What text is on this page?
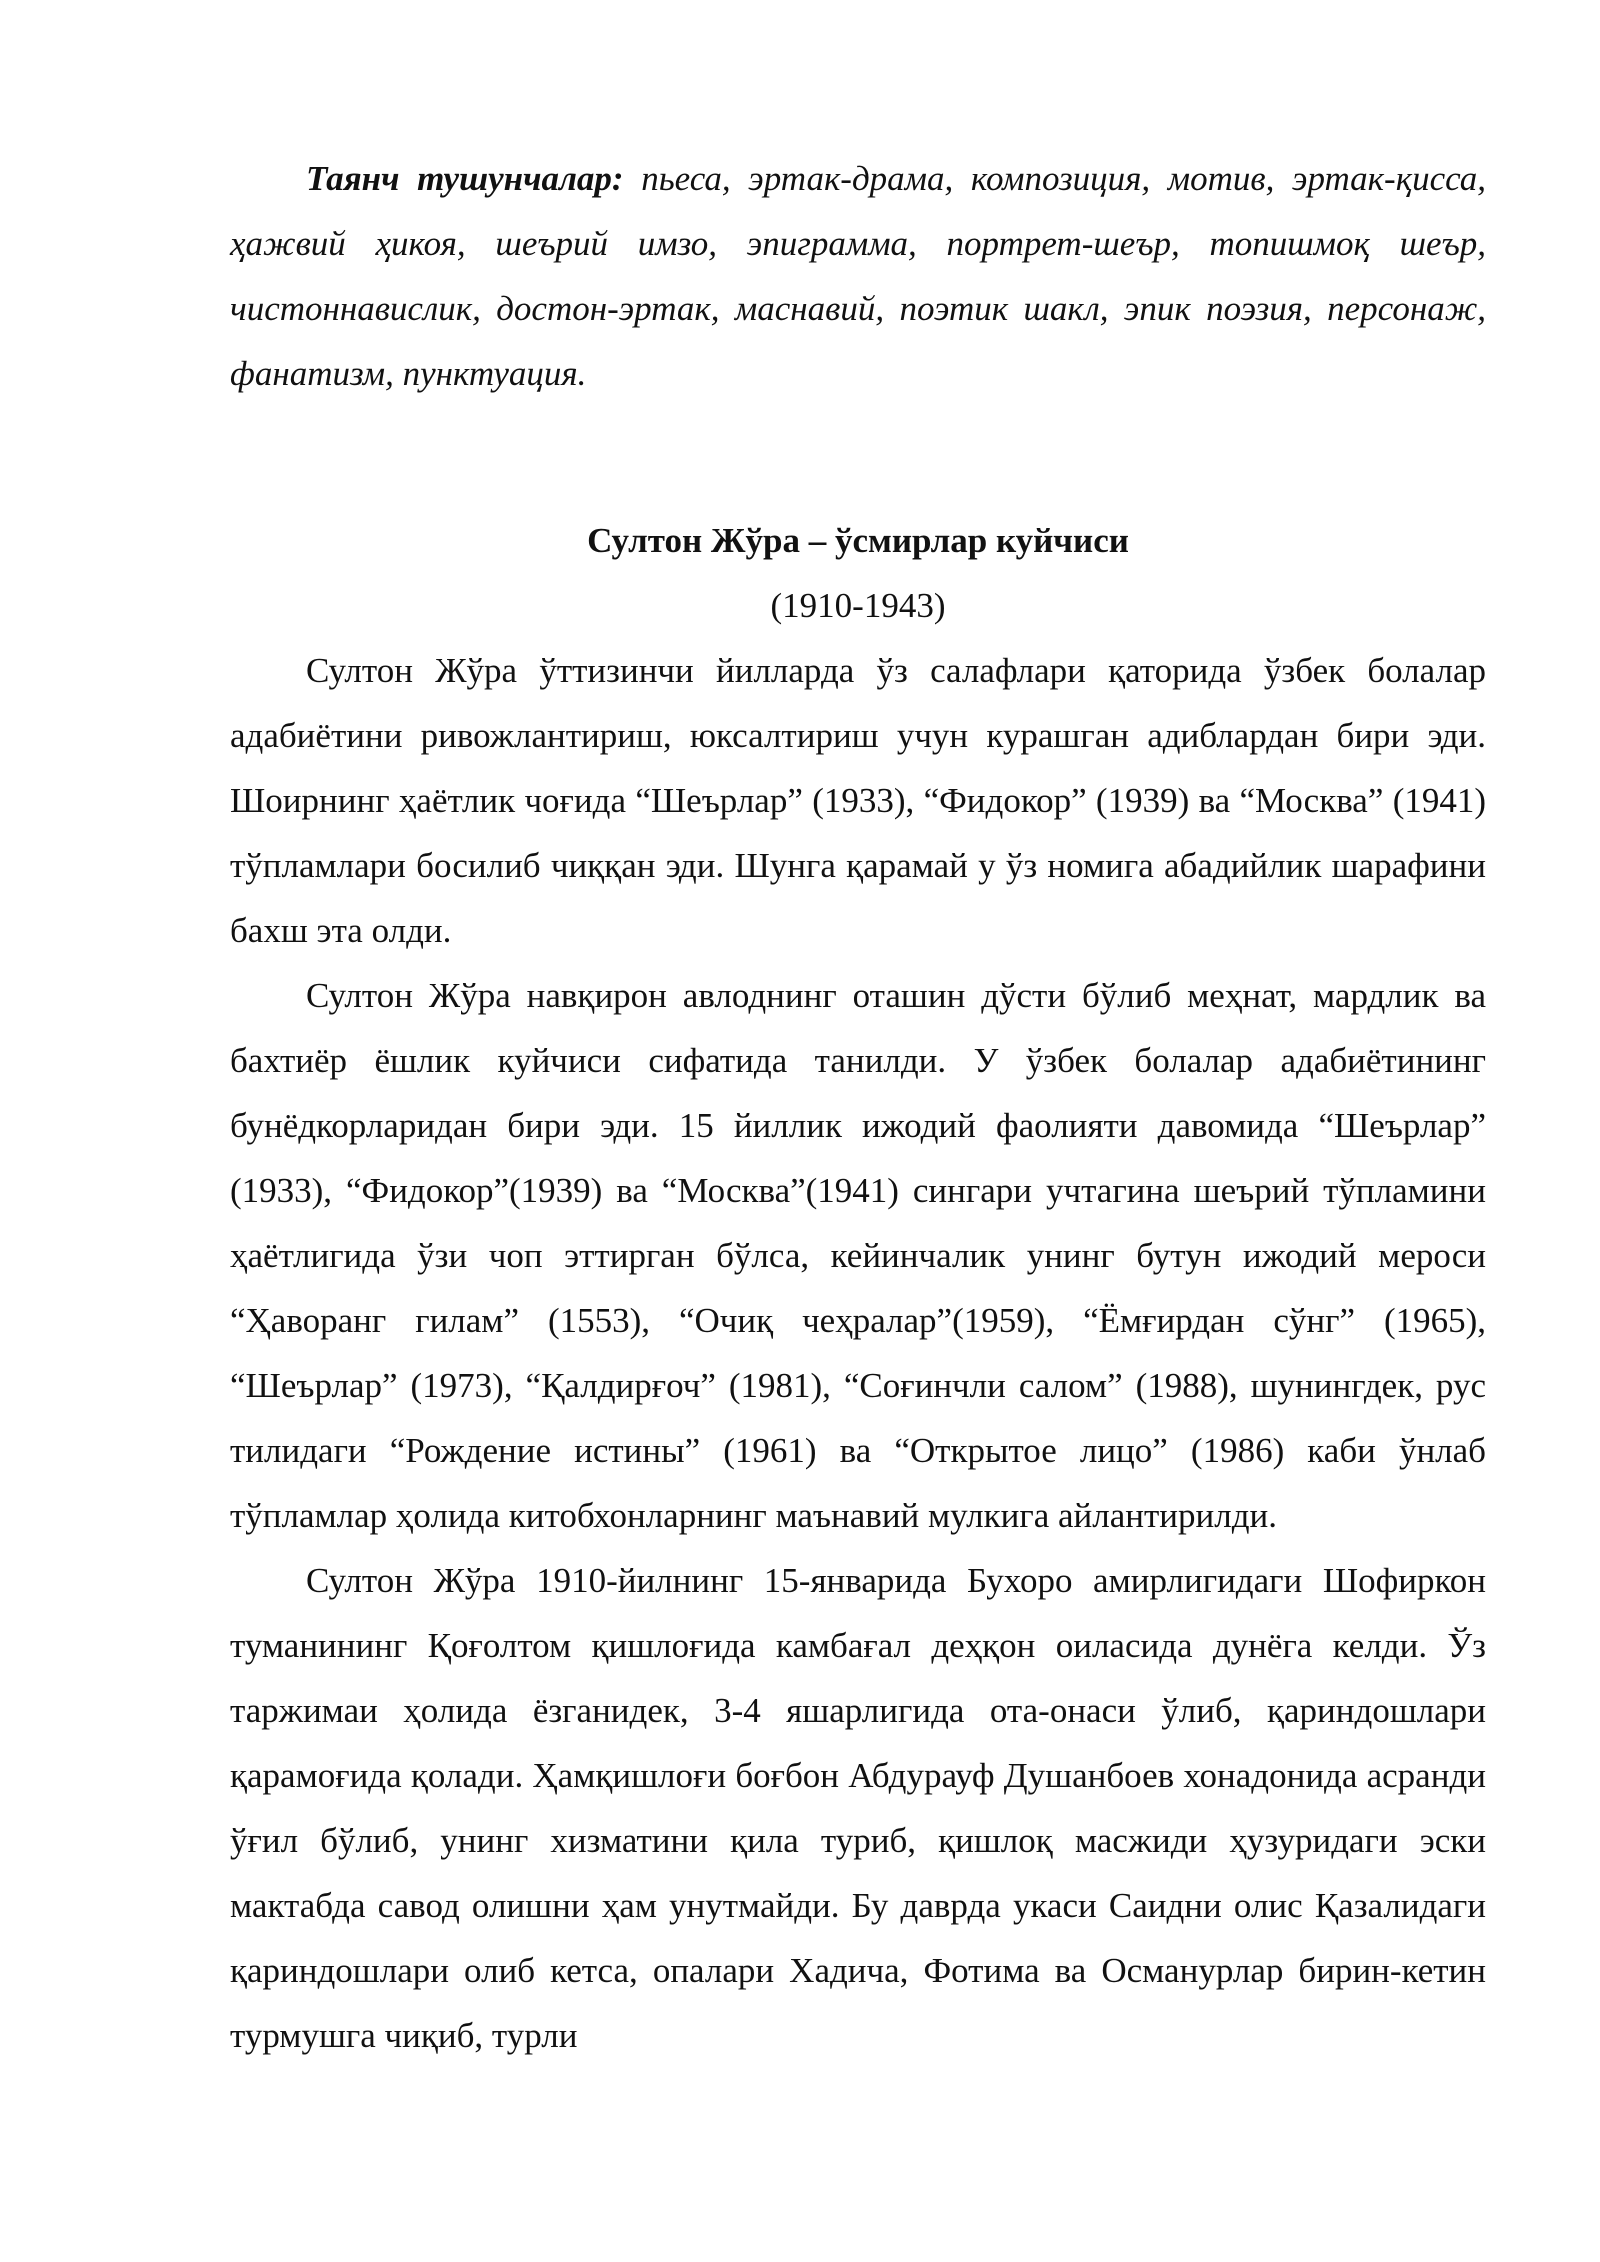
Таянч тушунчалар: пьеса, эртак-драма, композиция, мотив, эртак-қисса, ҳажвий ҳикоя, шеърий имзо, эпиграмма, портрет-шеър, топишмоқ шеър, чистоннавислик, достон-эртак, маснавий, поэтик шакл, эпик поэзия, персонаж, фанатизм, пунктуация.

Султон Жўра – ўсмирлар куйчиси

(1910-1943)

Султон Жўра ўттизинчи йилларда ўз салафлари қаторида ўзбек болалар адабиётини ривожлантириш, юксалтириш учун курашган адиблардан бири эди. Шоирнинг ҳаётлик чоғида “Шеърлар” (1933), “Фидокор” (1939) ва “Москва” (1941) тўпламлари босилиб чиққан эди. Шунга қарамай у ўз номига абадийлик шарафини бахш эта олди.

Султон Жўра навқирон авлоднинг оташин дўсти бўлиб меҳнат, мардлик ва бахтиёр ёшлик куйчиси сифатида танилди. У ўзбек болалар адабиётининг бунёдкорларидан бири эди. 15 йиллик ижодий фаолияти давомида “Шеърлар” (1933), “Фидокор”(1939) ва “Москва”(1941) сингари учтагина шеърий тўпламини ҳаётлигида ўзи чоп эттирган бўлса, кейинчалик унинг бутун ижодий мероси “Ҳаворанг гилам” (1553), “Очиқ чеҳралар”(1959), “Ёмғирдан сўнг” (1965), “Шеърлар” (1973), “Қалдирғоч” (1981), “Соғинчли салом” (1988), шунингдек, рус тилидаги “Рождение истины” (1961) ва “Открытое лицо” (1986) каби ўнлаб тўпламлар ҳолида китобхонларнинг маънавий мулкига айлантирилди.

Султон Жўра 1910-йилнинг 15-январида Бухоро амирлигидаги Шофиркон туманининг Қоғолтом қишлоғида камбағал деҳқон оиласида дунёга келди. Ўз таржимаи ҳолида ёзганидек, 3-4 яшарлигида ота-онаси ўлиб, қариндошлари қарамоғида қолади. Ҳамқишлоғи боғбон Абдурауф Душанбоев хонадонида асранди ўғил бўлиб, унинг хизматини қила туриб, қишлоқ масжиди ҳузуридаги эски мактабда савод олишни ҳам унутмайди. Бу даврда укаси Саидни олис Қазалидаги қариндошлари олиб кетса, опалари Хадича, Фотима ва Османурлар бирин-кетин турмушга чиқиб, турли
